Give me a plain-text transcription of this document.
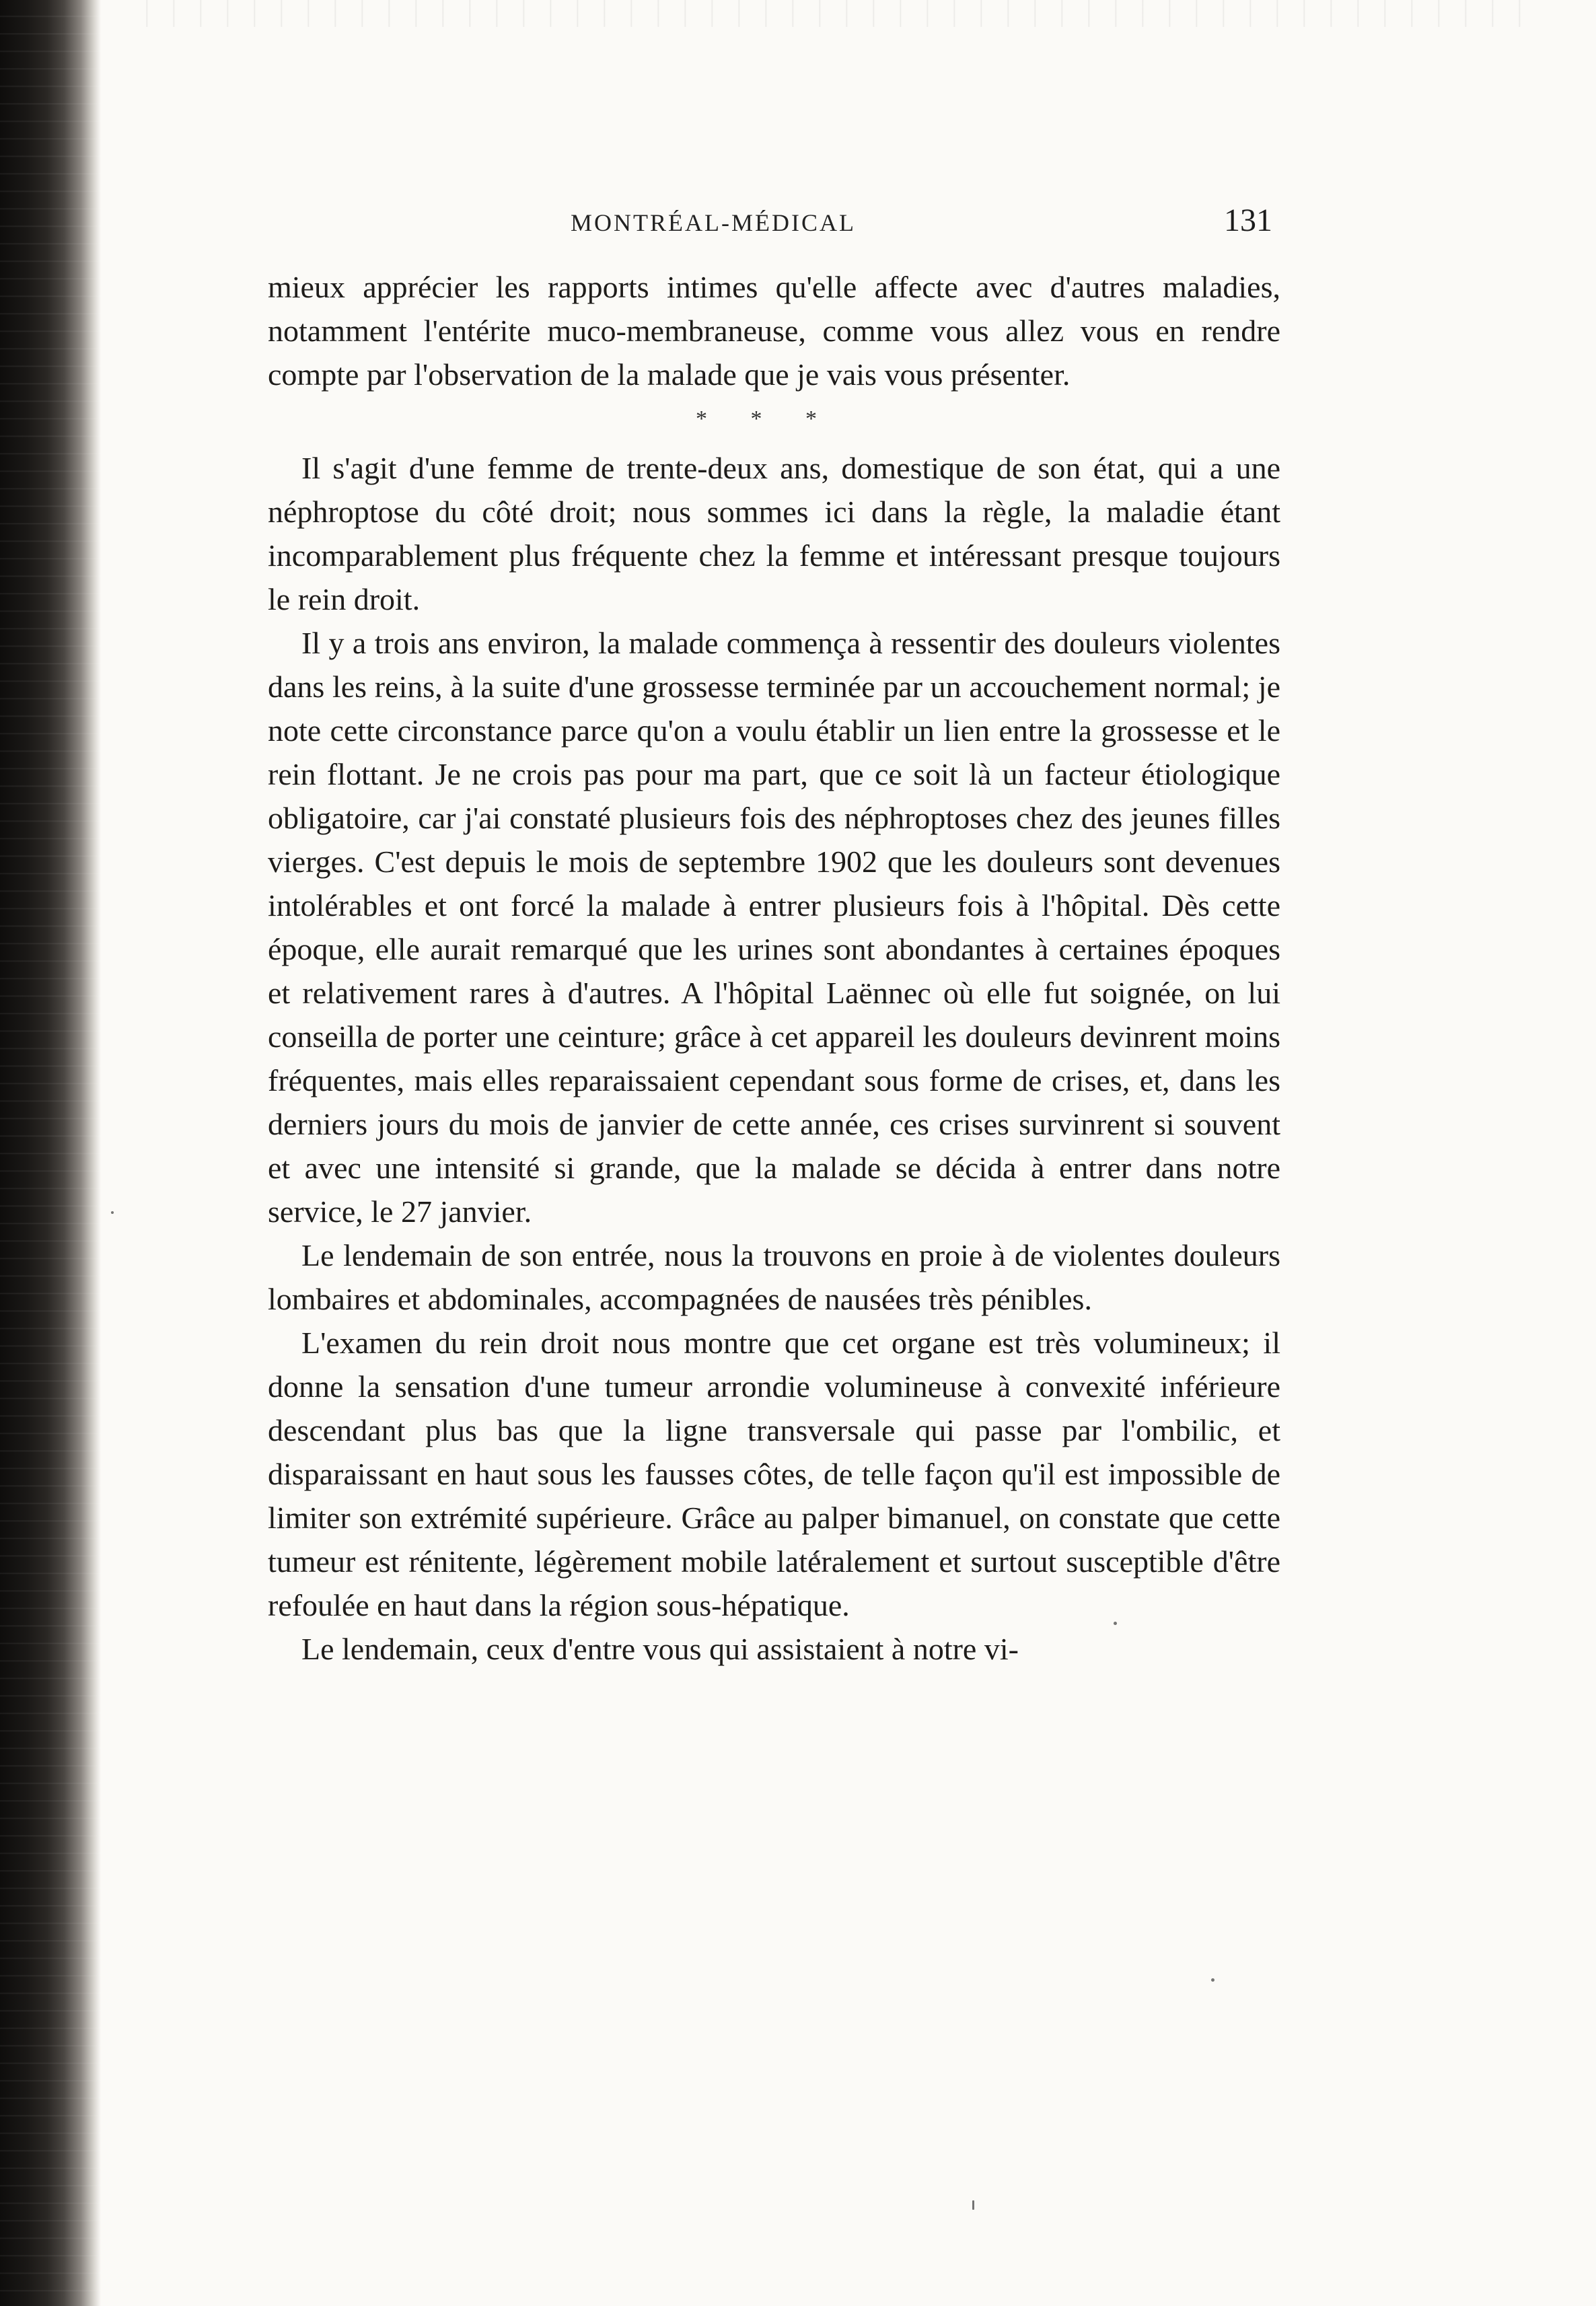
MONTRÉAL-MÉDICAL	131

mieux apprécier les rapports intimes qu'elle affecte avec d'autres maladies, notamment l'entérite muco-membraneuse, comme vous allez vous en rendre compte par l'observation de la malade que je vais vous présenter.

* * *

Il s'agit d'une femme de trente-deux ans, domestique de son état, qui a une néphroptose du côté droit; nous sommes ici dans la règle, la maladie étant incomparablement plus fréquente chez la femme et intéressant presque toujours le rein droit.

Il y a trois ans environ, la malade commença à ressentir des douleurs violentes dans les reins, à la suite d'une grossesse terminée par un accouchement normal; je note cette circonstance parce qu'on a voulu établir un lien entre la grossesse et le rein flottant. Je ne crois pas pour ma part, que ce soit là un facteur étiologique obligatoire, car j'ai constaté plusieurs fois des néphroptoses chez des jeunes filles vierges. C'est depuis le mois de septembre 1902 que les douleurs sont devenues intolérables et ont forcé la malade à entrer plusieurs fois à l'hôpital. Dès cette époque, elle aurait remarqué que les urines sont abondantes à certaines époques et relativement rares à d'autres. A l'hôpital Laënnec où elle fut soignée, on lui conseilla de porter une ceinture; grâce à cet appareil les douleurs devinrent moins fréquentes, mais elles reparaissaient cependant sous forme de crises, et, dans les derniers jours du mois de janvier de cette année, ces crises survinrent si souvent et avec une intensité si grande, que la malade se décida à entrer dans notre service, le 27 janvier.

Le lendemain de son entrée, nous la trouvons en proie à de violentes douleurs lombaires et abdominales, accompagnées de nausées très pénibles.

L'examen du rein droit nous montre que cet organe est très volumineux; il donne la sensation d'une tumeur arrondie volumineuse à convexité inférieure descendant plus bas que la ligne transversale qui passe par l'ombilic, et disparaissant en haut sous les fausses côtes, de telle façon qu'il est impossible de limiter son extrémité supérieure. Grâce au palper bimanuel, on constate que cette tumeur est rénitente, légèrement mobile latéralement et surtout susceptible d'être refoulée en haut dans la région sous-hépatique.

Le lendemain, ceux d'entre vous qui assistaient à notre vi-
